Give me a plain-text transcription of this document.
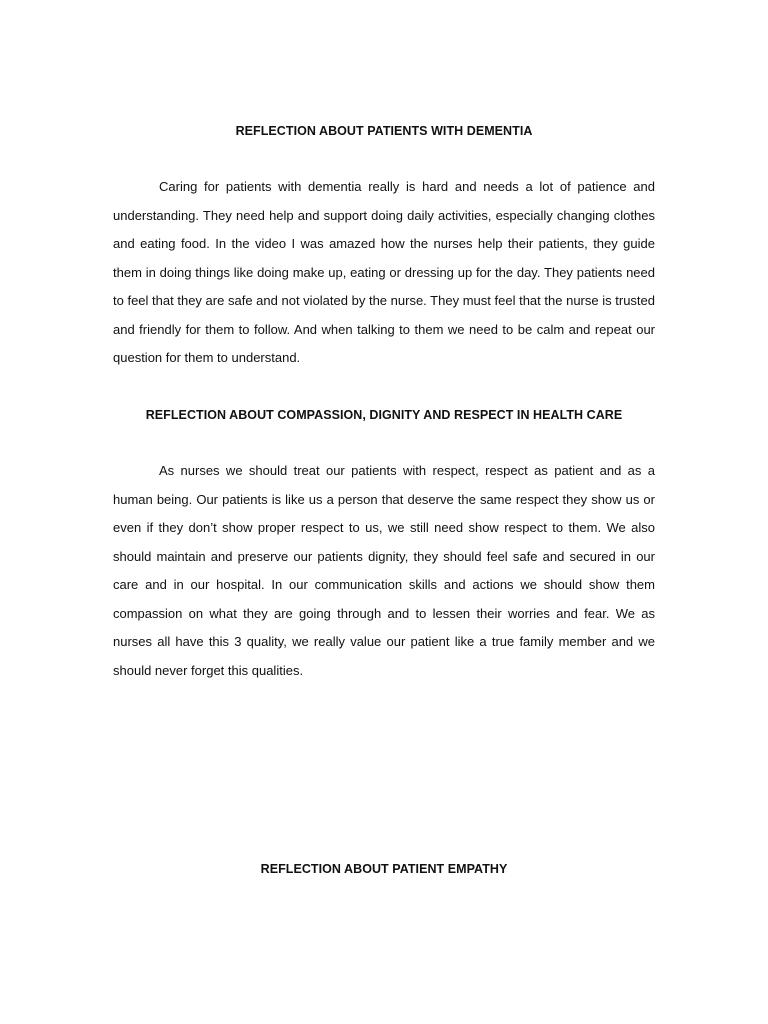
REFLECTION ABOUT PATIENTS WITH DEMENTIA

Caring for patients with dementia really is hard and needs a lot of patience and understanding. They need help and support doing daily activities, especially changing clothes and eating food. In the video I was amazed how the nurses help their patients, they guide them in doing things like doing make up, eating or dressing up for the day. They patients need to feel that they are safe and not violated by the nurse. They must feel that the nurse is trusted and friendly for them to follow. And when talking to them we need to be calm and repeat our question for them to understand.

REFLECTION ABOUT COMPASSION, DIGNITY AND RESPECT IN HEALTH CARE

As nurses we should treat our patients with respect, respect as patient and as a human being. Our patients is like us a person that deserve the same respect they show us or even if they don’t show proper respect to us, we still need show respect to them. We also should maintain and preserve our patients dignity, they should feel safe and secured in our care and in our hospital. In our communication skills and actions we should show them compassion on what they are going through and to lessen their worries and fear. We as nurses all have this 3 quality, we really value our patient like a true family member and we should never forget this qualities.

REFLECTION ABOUT PATIENT EMPATHY
